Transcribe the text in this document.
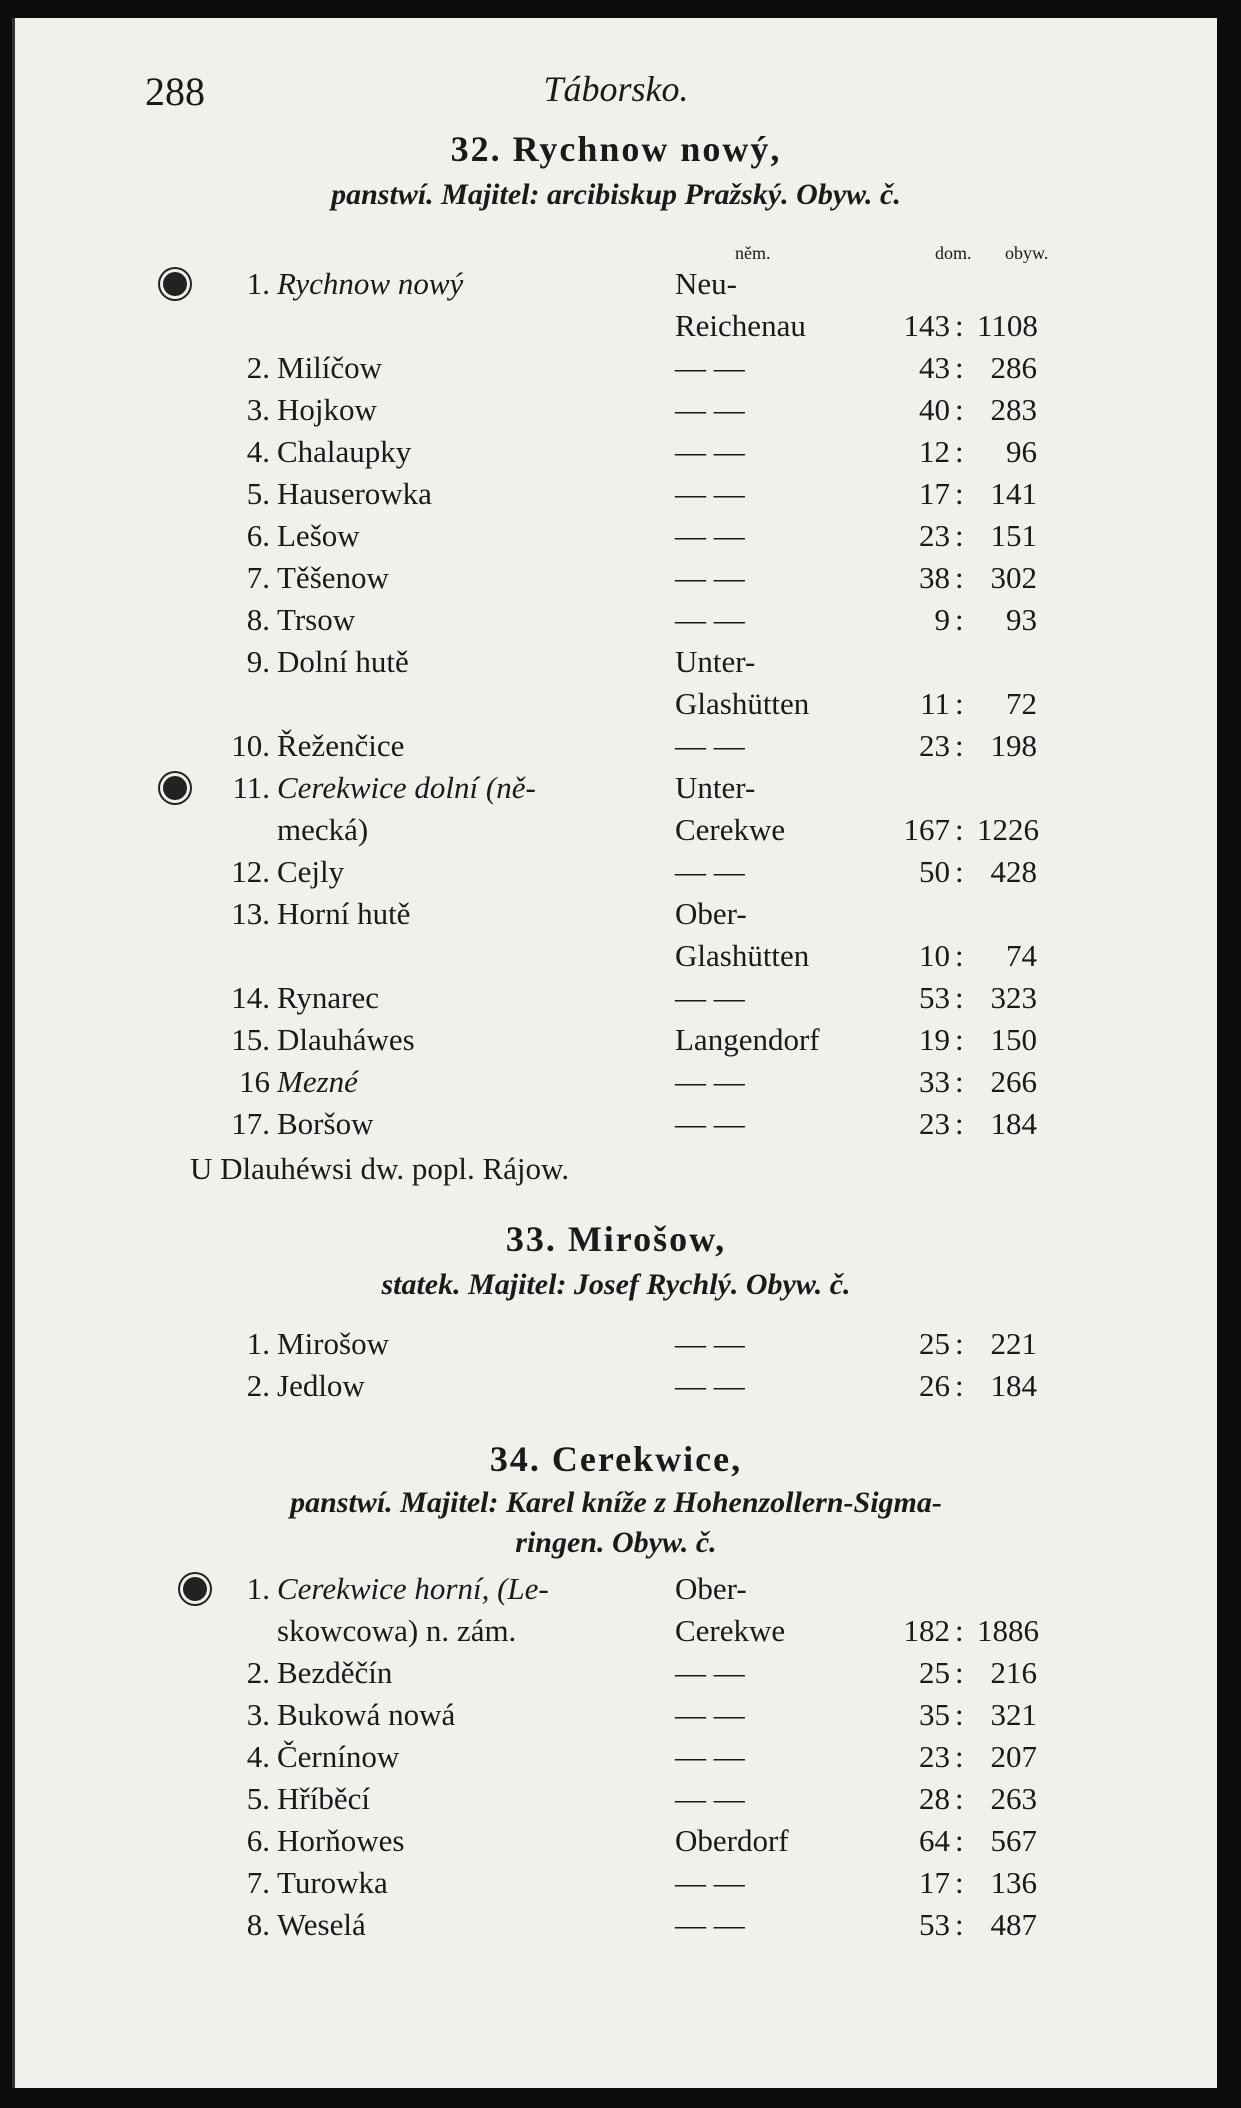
288	Táborsko.
32. Rychnow nowý,
panstwí. Majitel: arcibiskup Pražský. Obyw. č.
něm.	dom. obyw.
1. Rychnow nowý	Neu-
Reichenau	143 : 1108
2. Milíčow	— —	43 : 286
3. Hojkow	— —	40 : 283
4. Chalaupky	— —	12 :	96
5. Hauserowka	— —	17 : 141
6. Lešow	— —	23 : 151
7. Těšenow	— —	38 : 302
8. Trsow	— —	9 :	93
9. Dolní hutě	Unter-
Glashütten	11 :	72
10. Řeženčice	— —	23 : 198
11. Cerekwice dolní (ně-	Unter-
mecká)	Cerekwe	167 : 1226
12. Cejly	— —	50 : 428
13. Horní hutě	Ober-
Glashütten	10 :	74
14. Rynarec	— —	53 : 323
15. Dlauháwes	Langendorf	19 : 150
16 Mezné	— —	33 : 266
17. Boršow	— —	23 : 184
U Dlauhéwsi dw. popl. Rájow.
33. Mirošow,
statek. Majitel: Josef Rychlý. Obyw. č.
1. Mirošow	— —	25 : 221
2. Jedlow	— —	26 : 184
34. Cerekwice,
panstwí. Majitel: Karel kníže z Hohenzollern-Sigma-
ringen. Obyw. č.
1. Cerekwice horní, (Le-	Ober-
skowcowa) n. zám.	Cerekwe	182 : 1886
2. Bezděčín	— —	25 : 216
3. Bukowá nowá	— —	35 : 321
4. Černínow	— —	23 : 207
5. Hříběcí	— —	28 : 263
6. Horňowes	Oberdorf	64 : 567
7. Turowka	— —	17 : 136
8. Weselá	— —	53 : 487
